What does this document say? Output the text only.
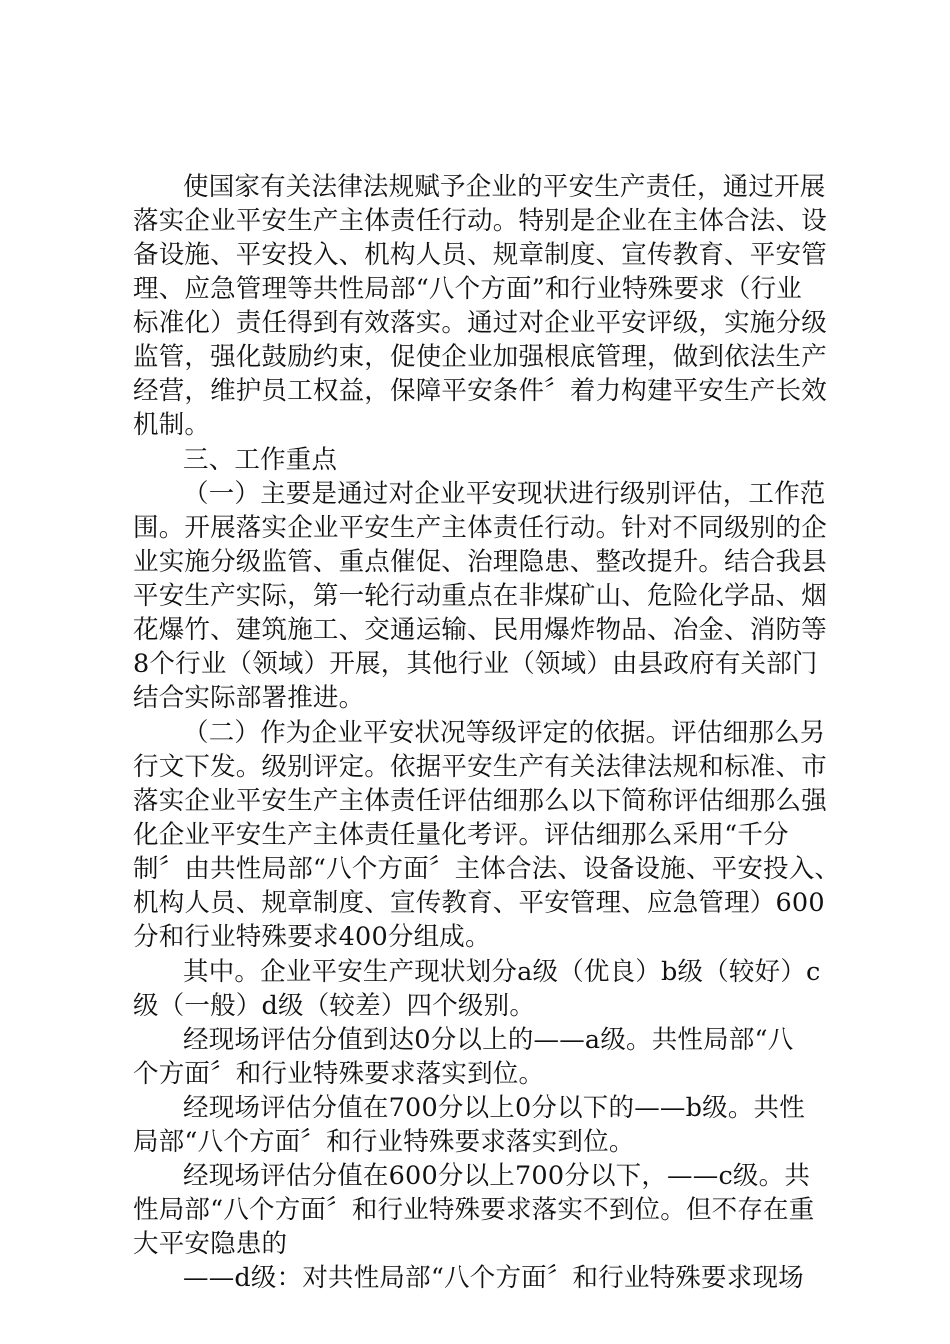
使国家有关法律法规赋予企业的平安生产责任，通过开展
落实企业平安生产主体责任行动。特别是企业在主体合法、设
备设施、平安投入、机构人员、规章制度、宣传教育、平安管
理、应急管理等共性局部“八个方面”和行业特殊要求（行业
标准化）责任得到有效落实。通过对企业平安评级，实施分级
监管，强化鼓励约束，促使企业加强根底管理，做到依法生产
经营，维护员工权益，保障平安条件〞着力构建平安生产长效
机制。
三、工作重点
（一）主要是通过对企业平安现状进行级别评估，工作范
围。开展落实企业平安生产主体责任行动。针对不同级别的企
业实施分级监管、重点催促、治理隐患、整改提升。结合我县
平安生产实际，第一轮行动重点在非煤矿山、危险化学品、烟
花爆竹、建筑施工、交通运输、民用爆炸物品、冶金、消防等
8个行业（领域）开展，其他行业（领域）由县政府有关部门
结合实际部署推进。
（二）作为企业平安状况等级评定的依据。评估细那么另
行文下发。级别评定。依据平安生产有关法律法规和标准、市
落实企业平安生产主体责任评估细那么以下简称评估细那么强
化企业平安生产主体责任量化考评。评估细那么采用“千分
制〞由共性局部“八个方面〞主体合法、设备设施、平安投入、
机构人员、规章制度、宣传教育、平安管理、应急管理）600
分和行业特殊要求400分组成。
其中。企业平安生产现状划分a级（优良）b级（较好）c
级（一般）d级（较差）四个级别。
经现场评估分值到达0分以上的——a级。共性局部“八
个方面〞和行业特殊要求落实到位。
经现场评估分值在700分以上0分以下的——b级。共性
局部“八个方面〞和行业特殊要求落实到位。
经现场评估分值在600分以上700分以下，——c级。共
性局部“八个方面〞和行业特殊要求落实不到位。但不存在重
大平安隐患的
——d级：对共性局部“八个方面〞和行业特殊要求现场
